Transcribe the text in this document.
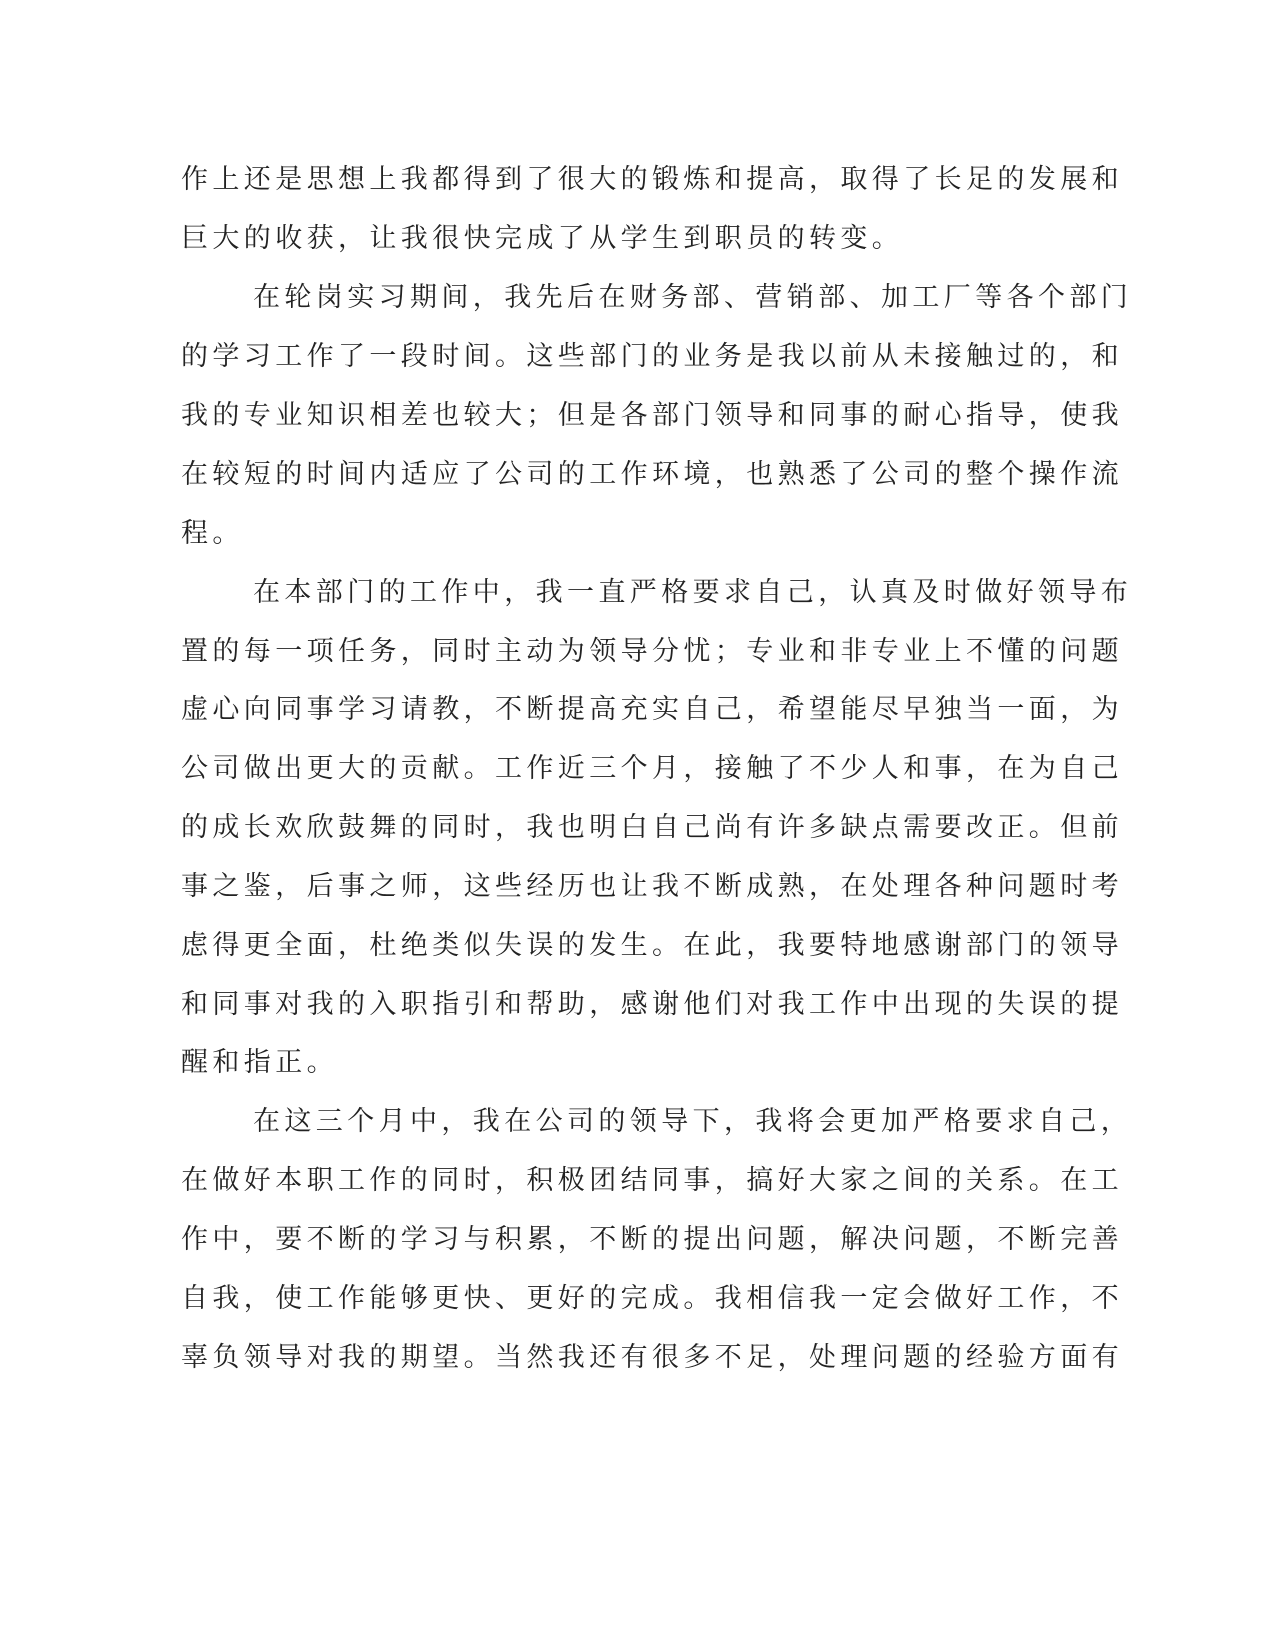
作上还是思想上我都得到了很大的锻炼和提高，取得了长足的发展和
巨大的收获，让我很快完成了从学生到职员的转变。
在轮岗实习期间，我先后在财务部、营销部、加工厂等各个部门
的学习工作了一段时间。这些部门的业务是我以前从未接触过的，和
我的专业知识相差也较大；但是各部门领导和同事的耐心指导，使我
在较短的时间内适应了公司的工作环境，也熟悉了公司的整个操作流
程。
在本部门的工作中，我一直严格要求自己，认真及时做好领导布
置的每一项任务，同时主动为领导分忧；专业和非专业上不懂的问题
虚心向同事学习请教，不断提高充实自己，希望能尽早独当一面，为
公司做出更大的贡献。工作近三个月，接触了不少人和事，在为自己
的成长欢欣鼓舞的同时，我也明白自己尚有许多缺点需要改正。但前
事之鉴，后事之师，这些经历也让我不断成熟，在处理各种问题时考
虑得更全面，杜绝类似失误的发生。在此，我要特地感谢部门的领导
和同事对我的入职指引和帮助，感谢他们对我工作中出现的失误的提
醒和指正。
在这三个月中，我在公司的领导下，我将会更加严格要求自己，
在做好本职工作的同时，积极团结同事，搞好大家之间的关系。在工
作中，要不断的学习与积累，不断的提出问题，解决问题，不断完善
自我，使工作能够更快、更好的完成。我相信我一定会做好工作，不
辜负领导对我的期望。当然我还有很多不足，处理问题的经验方面有
